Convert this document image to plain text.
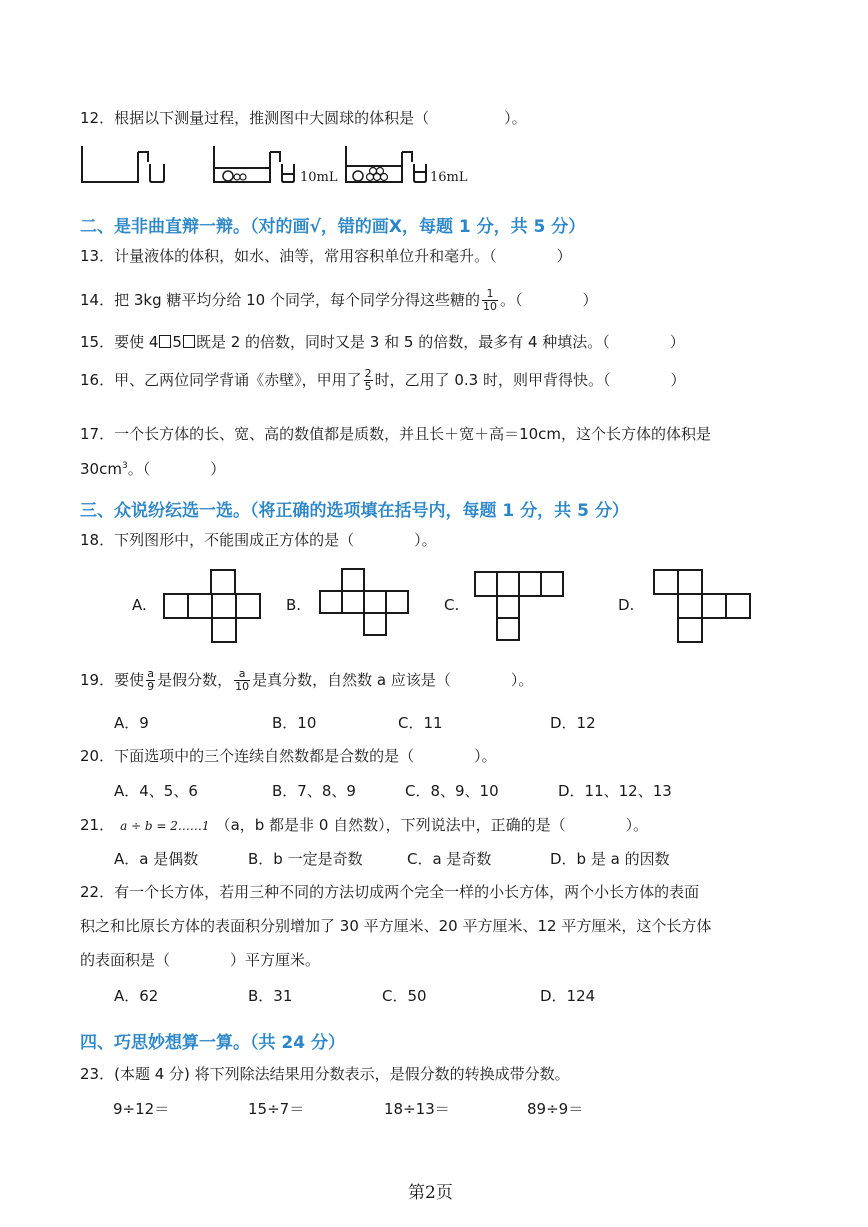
12．根据以下测量过程，推测图中大圆球的体积是（　　　　　）。
10mL	16mL
二、是非曲直辩一辩。（对的画√，错的画X，每题 1 分，共 5 分）
13．计量液体的体积，如水、油等，常用容积单位升和毫升。（　　　　）
14．把 3kg 糖平均分给 10 个同学，每个同学分得这些糖的 $\frac{1}{10}$ 。（　　　　）
15．要使 4 5 既是 2 的倍数，同时又是 3 和 5 的倍数，最多有 4 种填法。（　　　　）
16．甲、乙两位同学背诵《赤壁》，甲用了 $\frac{2}{5}$ 时，乙用了 0.3 时，则甲背得快。（　　　　）
17．一个长方体的长、宽、高的数值都是质数，并且长＋宽＋高＝10cm，这个长方体的体积是
$30cm^3$。（　　　　）
三、众说纷纭选一选。（将正确的选项填在括号内，每题 1 分，共 5 分）
18．下列图形中，不能围成正方体的是（　　　　）。
A.	B.	C.	D.
19．要使 $\frac{a}{9}$ 是假分数， $\frac{a}{10}$ 是真分数，自然数 a 应该是（　　　　）。
A．9	B．10	C．11	D．12
20．下面选项中的三个连续自然数都是合数的是（　　　　）。
A．4、5、6	B．7、8、9	C．8、9、10	D．11、12、13
21． a ÷ b = 2……1 （a，b 都是非 0 自然数），下列说法中，正确的是（　　　　）。
A．a 是偶数	B．b 一定是奇数	C．a 是奇数	D．b 是 a 的因数
22．有一个长方体，若用三种不同的方法切成两个完全一样的小长方体，两个小长方体的表面
积之和比原长方体的表面积分别增加了 30 平方厘米、20 平方厘米、12 平方厘米，这个长方体
的表面积是（　　　　）平方厘米。
A．62	B．31	C．50	D．124
四、巧思妙想算一算。（共 24 分）
23．(本题 4 分) 将下列除法结果用分数表示，是假分数的转换成带分数。
9÷12＝	15÷7＝	18÷13＝	89÷9＝
第2页
